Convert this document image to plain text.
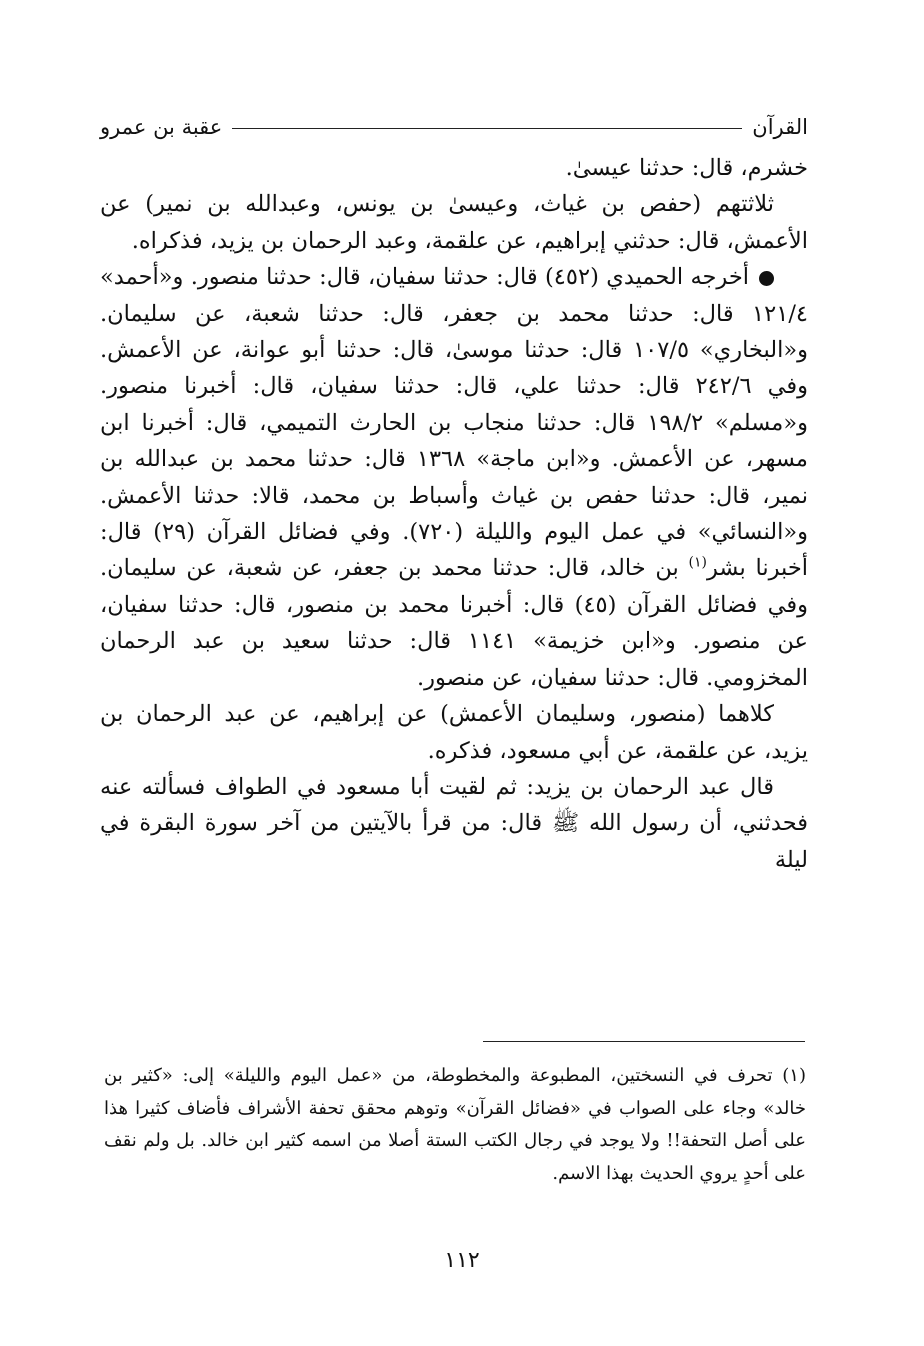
القرآن
عقبة بن عمرو

خشرم، قال: حدثنا عيسىٰ.

ثلاثتهم (حفص بن غياث، وعيسىٰ بن يونس، وعبدالله بن نمير) عن الأعمش، قال: حدثني إبراهيم، عن علقمة، وعبد الرحمان بن يزيد، فذكراه.

أخرجه الحميدي (٤٥٢) قال: حدثنا سفيان، قال: حدثنا منصور. و«أحمد» ٤/‏١٢١ قال: حدثنا محمد بن جعفر، قال: حدثنا شعبة، عن سليمان. و«البخاري» ٥/‏١٠٧ قال: حدثنا موسىٰ، قال: حدثنا أبو عوانة، عن الأعمش. وفي ٦/‏٢٤٢ قال: حدثنا علي، قال: حدثنا سفيان، قال: أخبرنا منصور. و«مسلم» ٢/‏١٩٨ قال: حدثنا منجاب بن الحارث التميمي، قال: أخبرنا ابن مسهر، عن الأعمش. و«ابن ماجة» ١٣٦٨ قال: حدثنا محمد بن عبدالله بن نمير، قال: حدثنا حفص بن غياث وأسباط بن محمد، قالا: حدثنا الأعمش. و«النسائي» في عمل اليوم والليلة (٧٢٠). وفي فضائل القرآن (٢٩) قال: أخبرنا بشر$^{(١)}$ بن خالد، قال: حدثنا محمد بن جعفر، عن شعبة، عن سليمان. وفي فضائل القرآن (٤٥) قال: أخبرنا محمد بن منصور، قال: حدثنا سفيان، عن منصور. و«ابن خزيمة» ١١٤١ قال: حدثنا سعيد بن عبد الرحمان المخزومي. قال: حدثنا سفيان، عن منصور.

كلاهما (منصور، وسليمان الأعمش) عن إبراهيم، عن عبد الرحمان بن يزيد، عن علقمة، عن أبي مسعود، فذكره.

قال عبد الرحمان بن يزيد: ثم لقيت أبا مسعود في الطواف فسألته عنه فحدثني، أن رسول الله ﷺ قال: من قرأ بالآيتين من آخر سورة البقرة في ليلة

(١) تحرف في النسختين، المطبوعة والمخطوطة، من «عمل اليوم والليلة» إلى: «كثير بن خالد» وجاء على الصواب في «فضائل القرآن» وتوهم محقق تحفة الأشراف فأضاف كثيرا هذا على أصل التحفة!! ولا يوجد في رجال الكتب الستة أصلا من اسمه كثير ابن خالد. بل ولم نقف على أحدٍ يروي الحديث بهذا الاسم.

١١٢
